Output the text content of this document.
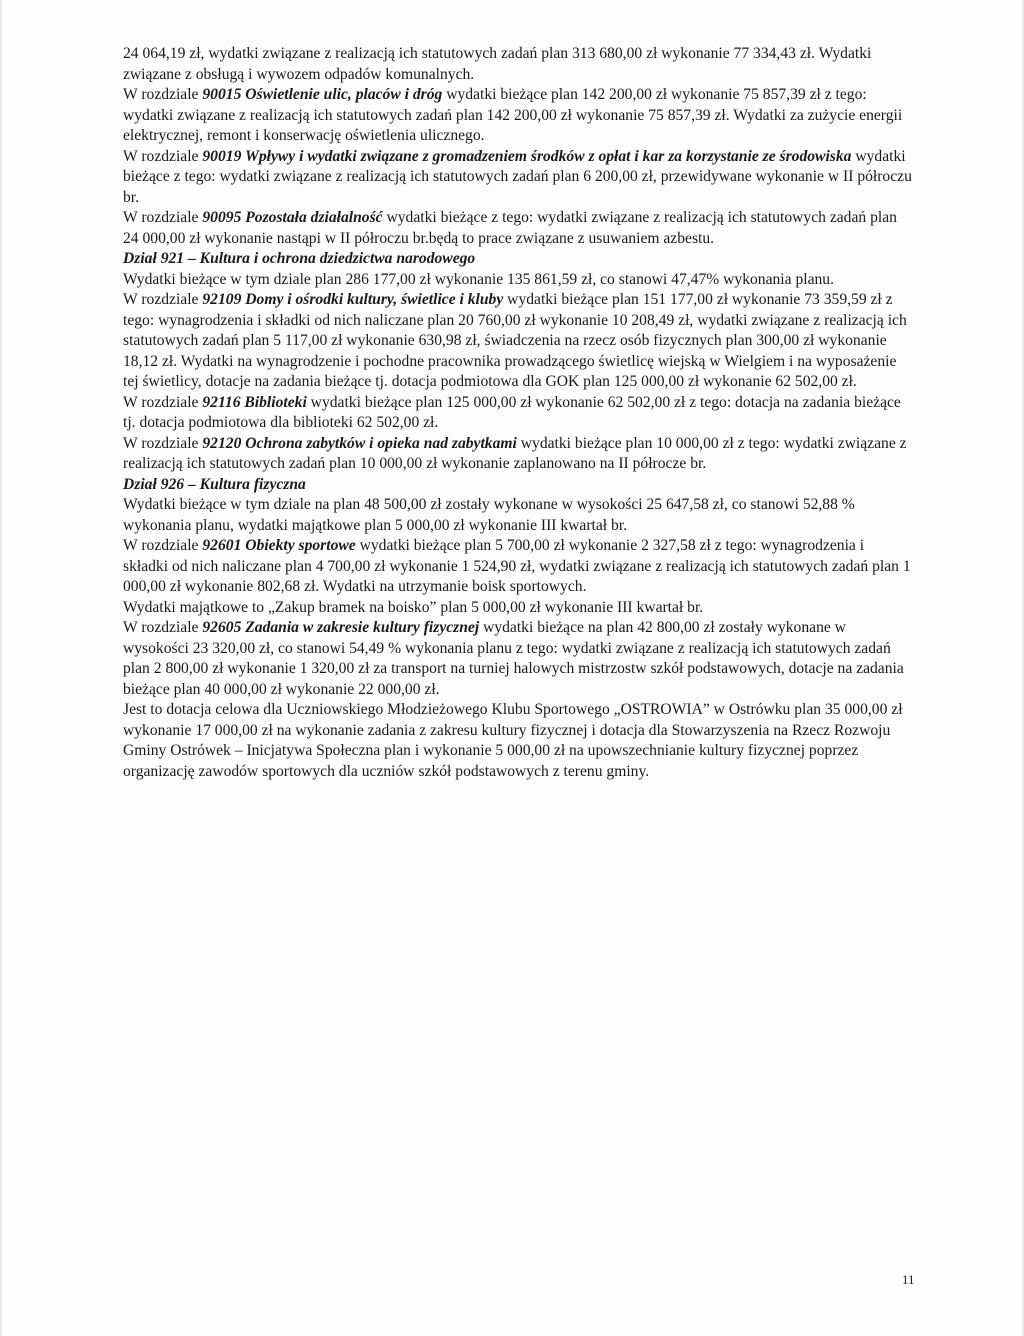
24 064,19 zł, wydatki związane z realizacją ich statutowych zadań plan 313 680,00 zł wykonanie 77 334,43 zł. Wydatki związane z obsługą i wywozem odpadów komunalnych.

W rozdziale 90015 Oświetlenie ulic, placów i dróg wydatki bieżące plan 142 200,00 zł wykonanie 75 857,39 zł z tego: wydatki związane z realizacją ich statutowych zadań plan 142 200,00 zł wykonanie 75 857,39 zł. Wydatki za zużycie energii elektrycznej, remont i konserwację oświetlenia ulicznego.

W rozdziale 90019 Wpływy i wydatki związane z gromadzeniem środków z opłat i kar za korzystanie ze środowiska wydatki bieżące z tego: wydatki związane z realizacją ich statutowych zadań plan 6 200,00 zł, przewidywane wykonanie w II półroczu br.

W rozdziale 90095 Pozostała działalność wydatki bieżące z tego: wydatki związane z realizacją ich statutowych zadań plan 24 000,00 zł wykonanie nastąpi w II półroczu br.będą to prace związane z usuwaniem azbestu.

Dział 921 – Kultura i ochrona dziedzictwa narodowego

Wydatki bieżące w tym dziale plan 286 177,00 zł wykonanie 135 861,59 zł, co stanowi 47,47% wykonania planu.

W rozdziale 92109 Domy i ośrodki kultury, świetlice i kluby wydatki bieżące plan 151 177,00 zł wykonanie 73 359,59 zł z tego: wynagrodzenia i składki od nich naliczane plan 20 760,00 zł wykonanie 10 208,49 zł, wydatki związane z realizacją ich statutowych zadań plan 5 117,00 zł wykonanie 630,98 zł, świadczenia na rzecz osób fizycznych plan 300,00 zł wykonanie 18,12 zł. Wydatki na wynagrodzenie i pochodne pracownika prowadzącego świetlicę wiejską w Wielgiem i na wyposażenie tej świetlicy, dotacje na zadania bieżące tj. dotacja podmiotowa dla GOK plan 125 000,00 zł wykonanie 62 502,00 zł.

W rozdziale 92116 Biblioteki wydatki bieżące plan 125 000,00 zł wykonanie 62 502,00 zł z tego: dotacja na zadania bieżące tj. dotacja podmiotowa dla biblioteki 62 502,00 zł.

W rozdziale 92120 Ochrona zabytków i opieka nad zabytkami wydatki bieżące plan 10 000,00 zł z tego: wydatki związane z realizacją ich statutowych zadań plan 10 000,00 zł wykonanie zaplanowano na II półrocze br.

Dział 926 – Kultura fizyczna

Wydatki bieżące w tym dziale na plan 48 500,00 zł zostały wykonane w wysokości 25 647,58 zł, co stanowi 52,88 % wykonania planu, wydatki majątkowe plan 5 000,00 zł wykonanie III kwartał br.

W rozdziale 92601 Obiekty sportowe wydatki bieżące plan 5 700,00 zł wykonanie 2 327,58 zł z tego: wynagrodzenia i składki od nich naliczane plan 4 700,00 zł wykonanie 1 524,90 zł, wydatki związane z realizacją ich statutowych zadań plan 1 000,00 zł wykonanie 802,68 zł. Wydatki na utrzymanie boisk sportowych.

Wydatki majątkowe to „Zakup bramek na boisko” plan 5 000,00 zł wykonanie III kwartał br.

W rozdziale 92605 Zadania w zakresie kultury fizycznej wydatki bieżące na plan 42 800,00 zł zostały wykonane w wysokości 23 320,00 zł, co stanowi 54,49 % wykonania planu z tego: wydatki związane z realizacją ich statutowych zadań plan 2 800,00 zł wykonanie 1 320,00 zł za transport na turniej halowych mistrzostw szkół podstawowych, dotacje na zadania bieżące plan 40 000,00 zł wykonanie 22 000,00 zł.

Jest to dotacja celowa dla Uczniowskiego Młodzieżowego Klubu Sportowego „OSTROWIA” w Ostrówku plan 35 000,00 zł wykonanie 17 000,00 zł na wykonanie zadania z zakresu kultury fizycznej i dotacja dla Stowarzyszenia na Rzecz Rozwoju Gminy Ostrówek – Inicjatywa Społeczna plan i wykonanie 5 000,00 zł na upowszechnianie kultury fizycznej poprzez organizację zawodów sportowych dla uczniów szkół podstawowych z terenu gminy.

11
